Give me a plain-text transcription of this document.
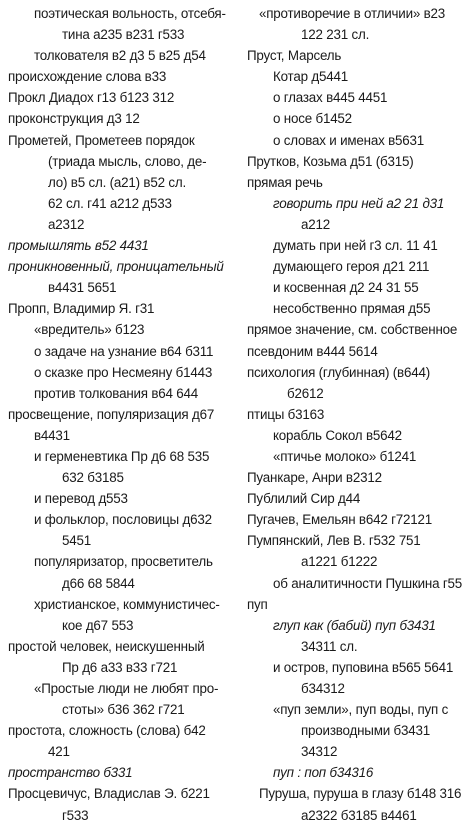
поэтическая вольность, отсебя-
тина а235 в231 г533
толкователя в2 д3 5 в25 д54
происхождение слова в33
Прокл Диадох г13 б123 312
проконструкция д3 12
Прометей, Прометеев порядок
(триада мысль, слово, де-
ло) в5 сл. (а21) в52 сл.
62 сл. г41 а212 д533
а2312
промышлять в52 4431
проникновенный, проницательный
в4431 5651
Пропп, Владимир Я. г31
«вредитель» б123
о задаче на узнание в64 б311
о сказке про Несмеяну б1443
против толкования в64 644
просвещение, популяризация д67
в4431
и герменевтика Пр д6 68 535
632 б3185
и перевод д553
и фольклор, пословицы д632
5451
популяризатор, просветитель
д66 68 5844
христианское, коммунистичес-
кое д67 553
простой человек, неискушенный
Пр д6 а33 в33 г721
«Простые люди не любят про-
стоты» б36 362 г721
простота, сложность (слова) б42
421
пространство б331
Просцевичус, Владислав Э. б221
г533
«противоречие в отличии» в23
122 231 сл.
Пруст, Марсель
Котар д5441
о глазах в445 4451
о носе б1452
о словах и именах в5631
Прутков, Козьма д51 (б315)
прямая речь
говорить при ней а2 21 д31
а212
думать при ней г3 сл. 11 41
думающего героя д21 211
и косвенная д2 24 31 55
несобственно прямая д55
прямое значение, см. собственное
псевдоним в444 5614
психология (глубинная) (в644)
б2612
птицы б3163
корабль Сокол в5642
«птичье молоко» б1241
Пуанкаре, Анри в2312
Публилий Сир д44
Пугачев, Емельян в642 г72121
Пумпянский, Лев В. г532 751
а1221 б1222
об аналитичности Пушкина г55
пуп
глуп как (бабий) пуп б3431
34311 сл.
и остров, пуповина в565 5641
б34312
«пуп земли», пуп воды, пуп с
производными б3431
34312
пуп : поп б34316
Пуруша, пуруша в глазу б148 316
а2322 б3185 в4461
